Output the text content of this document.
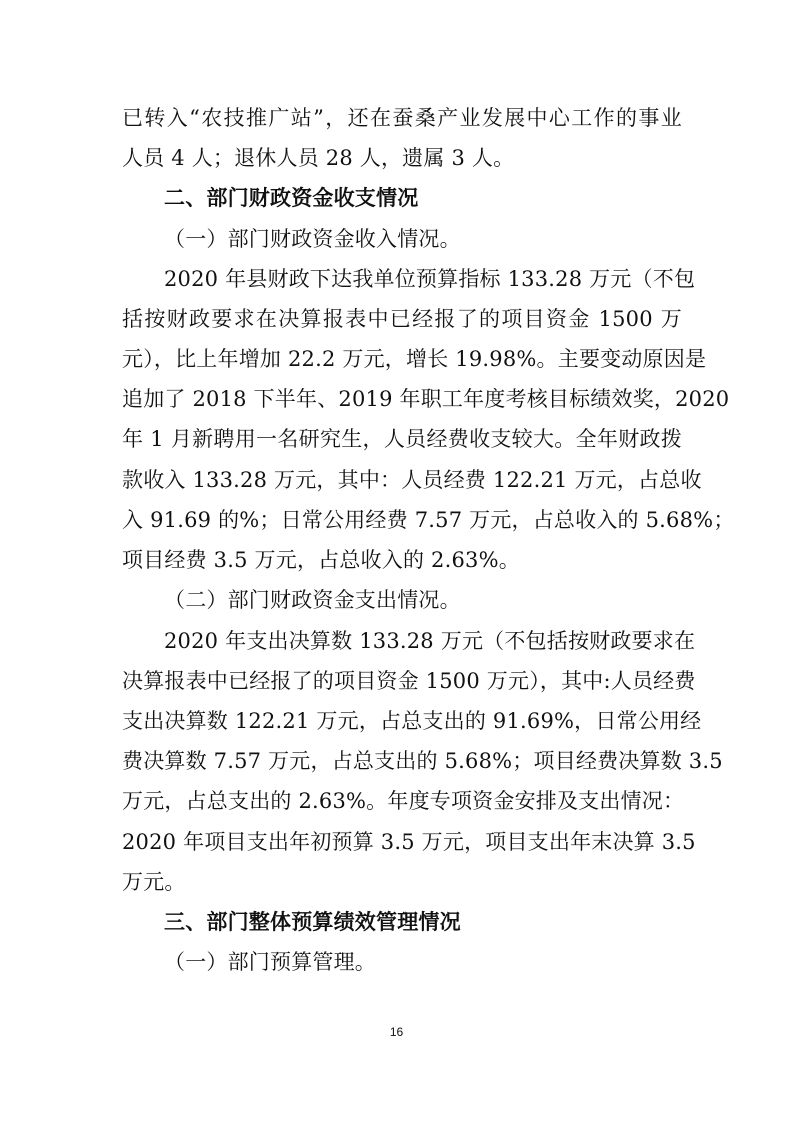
已转入“农技推广站”，还在蚕桑产业发展中心工作的事业
人员 4 人；退休人员 28 人，遗属 3 人。
二、部门财政资金收支情况
（一）部门财政资金收入情况。
2020 年县财政下达我单位预算指标 133.28 万元（不包
括按财政要求在决算报表中已经报了的项目资金 1500 万
元），比上年增加 22.2 万元，增长 19.98%。主要变动原因是
追加了 2018 下半年、2019 年职工年度考核目标绩效奖，2020
年 1 月新聘用一名研究生，人员经费收支较大。全年财政拨
款收入 133.28 万元，其中：人员经费 122.21 万元，占总收
入 91.69 的%；日常公用经费 7.57 万元，占总收入的 5.68%；
项目经费 3.5 万元，占总收入的 2.63%。
（二）部门财政资金支出情况。
2020 年支出决算数 133.28 万元（不包括按财政要求在
决算报表中已经报了的项目资金 1500 万元），其中:人员经费
支出决算数 122.21 万元，占总支出的 91.69%，日常公用经
费决算数 7.57 万元，占总支出的 5.68%；项目经费决算数 3.5
万元，占总支出的 2.63%。年度专项资金安排及支出情况：
2020 年项目支出年初预算 3.5 万元，项目支出年末决算 3.5
万元。
三、部门整体预算绩效管理情况
（一）部门预算管理。
16
